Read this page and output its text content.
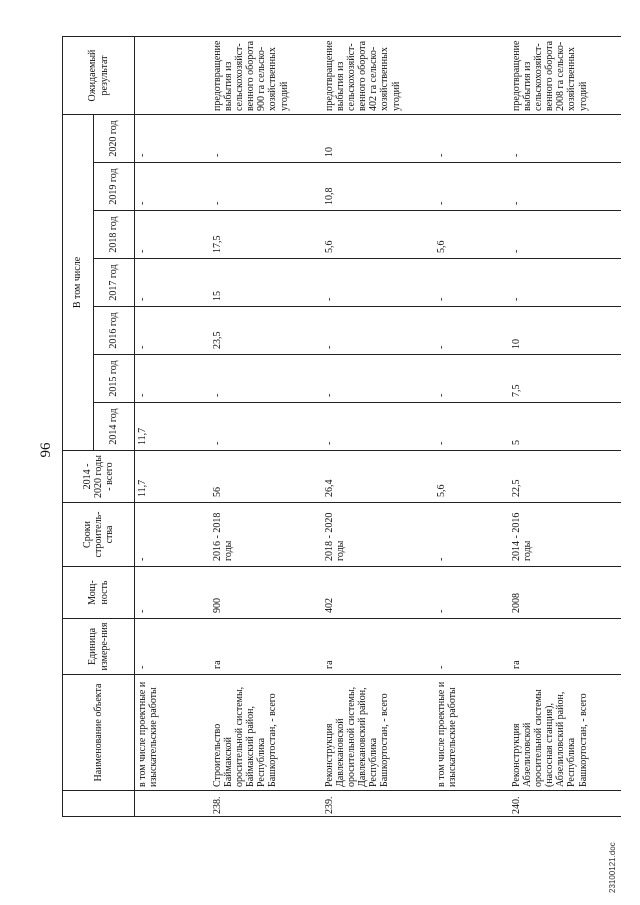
96
	Наименование объекта	Единица измере-ния	Мощ-ность	Сроки строитель-ства	2014 - 2020 годы - всего	В том числе							Ожидаемый результат
						2014 год	2015 год	2016 год	2017 год	2018 год	2019 год	2020 год	
	в том числе проектные и изыскательские работы	-	-	-	11,7	11,7	-	-	-	-	-	-	
238.	Строительство Баймакской оросительной системы, Баймакский район, Республика Башкортостан, - всего	га	900	2016 - 2018 годы	56	-	-	23,5	15	17,5	-	-	предотвращение выбытия из сельскохозяйст-венного оборота 900 га сельско-хозяйственных угодий
239.	Реконструкция Давлекановской оросительной системы, Давлекановский район, Республика Башкортостан, - всего	га	402	2018 - 2020 годы	26,4	-	-	-	-	5,6	10,8	10	предотвращение выбытия из сельскохозяйст-венного оборота 402 га сельско-хозяйственных угодий
	в том числе проектные и изыскательские работы	-	-	-	5,6	-	-	-	-	5,6	-	-	
240.	Реконструкция Абзелиловской оросительной системы (насосная станция), Абзелиловский район, Республика Башкортостан, - всего	га	2008	2014 - 2016 годы	22,5	5	7,5	10	-	-	-	-	предотвращение выбытия из сельскохозяйст-венного оборота 2008 га сельско-хозяйственных угодий
23100121.doc
